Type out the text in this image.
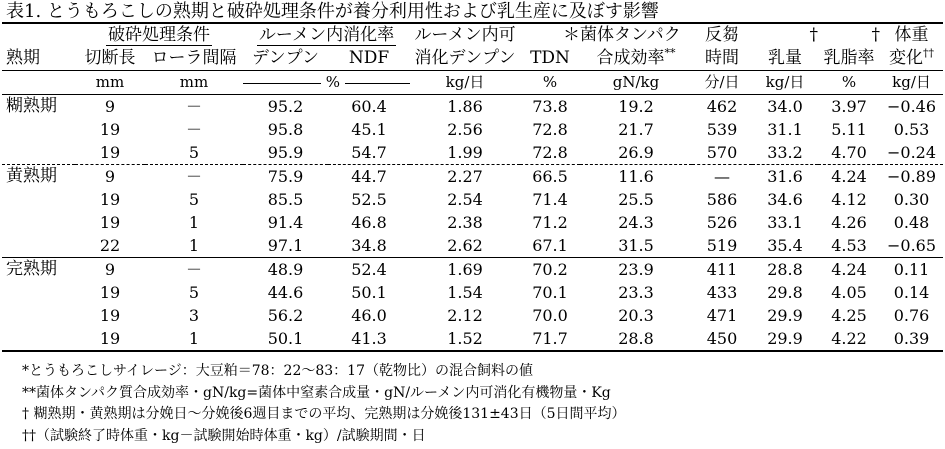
表1. とうもろこしの熟期と破砕処理条件が養分利用性および乳生産に及ぼす影響
	破砕処理条件		ルーメン内消化率		ルーメン内可	＊	菌体タンパク	反芻	†	†	体重
熟期	切断長	ローラ間隔	デンプン	NDF	消化デンプン	TDN	合成効率**	時間	乳量	乳脂率	変化††
	mm	mm	%		kg/日	%	gN/kg	分/日	kg/日	%	kg/日
糊熟期	9	－	95.2	60.4	1.86	73.8	19.2	462	34.0	3.97	−0.46
	19	－	95.8	45.1	2.56	72.8	21.7	539	31.1	5.11	0.53
	19	5	95.9	54.7	1.99	72.8	26.9	570	33.2	4.70	−0.24
黄熟期	9	－	75.9	44.7	2.27	66.5	11.6	—	31.6	4.24	−0.89
	19	5	85.5	52.5	2.54	71.4	25.5	586	34.6	4.12	0.30
	19	1	91.4	46.8	2.38	71.2	24.3	526	33.1	4.26	0.48
	22	1	97.1	34.8	2.62	67.1	31.5	519	35.4	4.53	−0.65
完熟期	9	－	48.9	52.4	1.69	70.2	23.9	411	28.8	4.24	0.11
	19	5	44.6	50.1	1.54	70.1	23.3	433	29.8	4.05	0.14
	19	3	56.2	46.0	2.12	70.0	20.3	471	29.9	4.25	0.76
	19	1	50.1	41.3	1.52	71.7	28.8	450	29.9	4.22	0.39
*とうもろこしサイレージ：大豆粕＝78：22〜83：17（乾物比）の混合飼料の値
**菌体タンパク質合成効率・gN/kg=菌体中窒素合成量・gN/ルーメン内可消化有機物量・Kg
† 糊熟期・黄熟期は分娩日〜分娩後6週目までの平均、完熟期は分娩後131±43日（5日間平均）
††（試験終了時体重・kg－試験開始時体重・kg）/試験期間・日
